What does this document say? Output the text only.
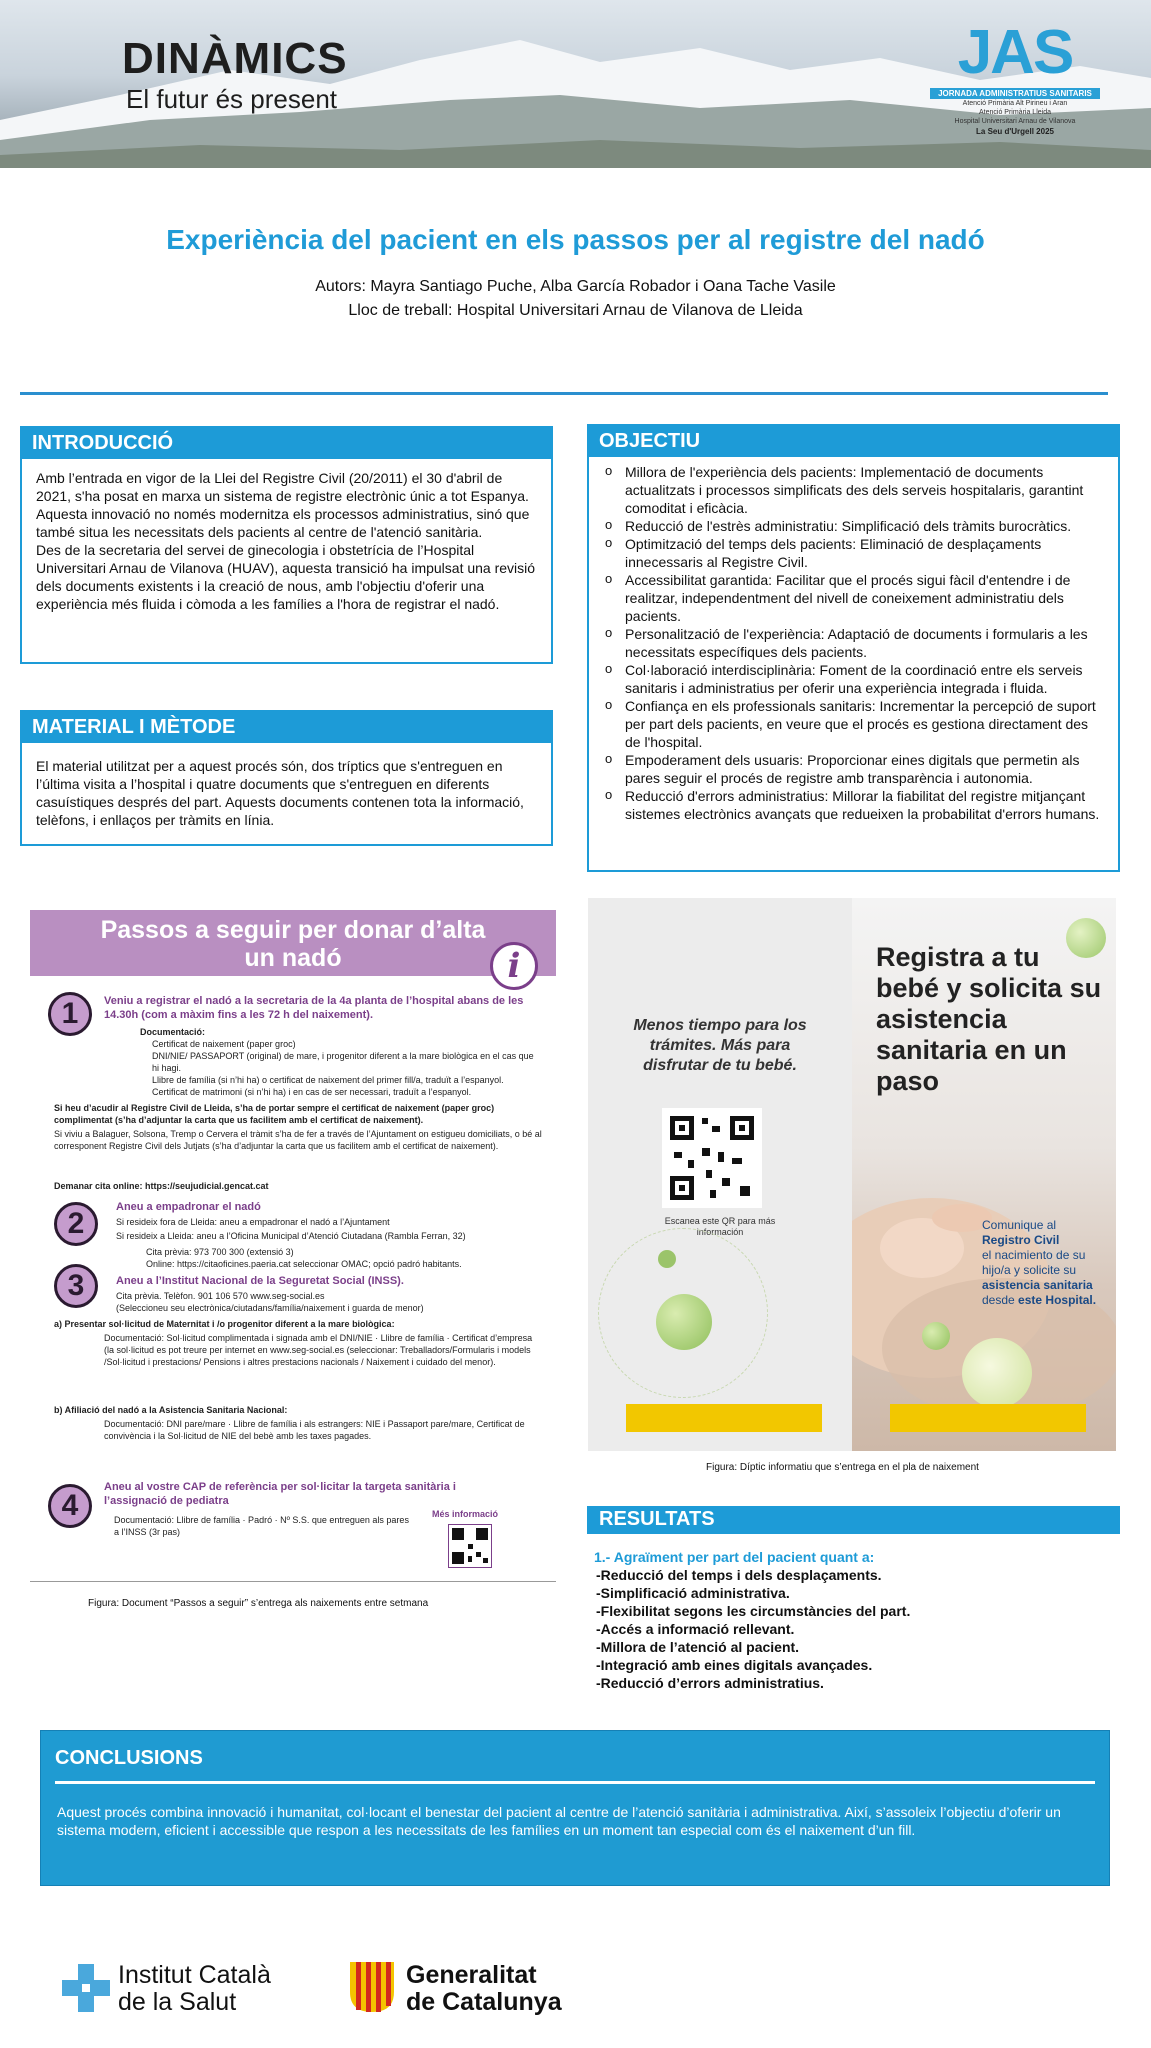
DINÀMICS
El futur és present
JAS
JORNADA ADMINISTRATIUS SANITARIS
Atenció Primària Alt Pirineu i Aran
Atenció Primària Lleida
Hospital Universitari Arnau de Vilanova
La Seu d'Urgell 2025
Experiència del pacient en els passos per al registre del nadó
Autors: Mayra Santiago Puche, Alba García Robador i Oana Tache Vasile
Lloc de treball: Hospital Universitari Arnau de Vilanova de Lleida
INTRODUCCIÓ
Amb l’entrada en vigor de la Llei del Registre Civil (20/2011) el 30 d'abril de 2021, s'ha posat en marxa un sistema de registre electrònic únic a tot Espanya. Aquesta innovació no només modernitza els processos administratius, sinó que també situa les necessitats dels pacients al centre de l'atenció sanitària.
Des de la secretaria del servei de ginecologia i obstetrícia de l’Hospital Universitari Arnau de Vilanova (HUAV), aquesta transició ha impulsat una revisió dels documents existents i la creació de nous, amb l'objectiu d'oferir una experiència més fluida i còmoda a les famílies a l'hora de registrar el nadó.
MATERIAL I MÈTODE
El material utilitzat per a aquest procés són, dos tríptics que s'entreguen en l’última visita a l’hospital i quatre documents que s'entreguen en diferents casuístiques després del part. Aquests documents contenen tota la informació, telèfons, i enllaços per tràmits en línia.
OBJECTIU
o Millora de l'experiència dels pacients: Implementació de documents actualitzats i processos simplificats des dels serveis hospitalaris, garantint comoditat i eficàcia.
o Reducció de l'estrès administratiu: Simplificació dels tràmits burocràtics.
o Optimització del temps dels pacients: Eliminació de desplaçaments innecessaris al Registre Civil.
o Accessibilitat garantida: Facilitar que el procés sigui fàcil d'entendre i de realitzar, independentment del nivell de coneixement administratiu dels pacients.
o Personalització de l'experiència: Adaptació de documents i formularis a les necessitats específiques dels pacients.
o Col·laboració interdisciplinària: Foment de la coordinació entre els serveis sanitaris i administratius per oferir una experiència integrada i fluida.
o Confiança en els professionals sanitaris: Incrementar la percepció de suport per part dels pacients, en veure que el procés es gestiona directament des de l'hospital.
o Empoderament dels usuaris: Proporcionar eines digitals que permetin als pares seguir el procés de registre amb transparència i autonomia.
o Reducció d'errors administratius: Millorar la fiabilitat del registre mitjançant sistemes electrònics avançats que redueixen la probabilitat d'errors humans.
Passos a seguir per donar d’alta un nadó	i
1	Veniu a registrar el nadó a la secretaria de la 4a planta de l’hospital abans de les 14.30h (com a màxim fins a les 72 h del naixement).
Documentació:
Certificat de naixement (paper groc)
DNI/NIE/ PASSAPORT (original) de mare, i progenitor diferent a la mare biològica en el cas que hi hagi.
Llibre de família (si n’hi ha) o certificat de naixement del primer fill/a, traduït a l’espanyol.
Certificat de matrimoni (si n’hi ha) i en cas de ser necessari, traduït a l’espanyol.
Si heu d’acudir al Registre Civil de Lleida, s’ha de portar sempre el certificat de naixement (paper groc) complimentat (s’ha d’adjuntar la carta que us facilitem amb el certificat de naixement).
Si viviu a Balaguer, Solsona, Tremp o Cervera el tràmit s’ha de fer a través de l’Ajuntament on estigueu domiciliats, o bé al corresponent Registre Civil dels Jutjats (s’ha d’adjuntar la carta que us facilitem amb el certificat de naixement).
Demanar cita online: https://seujudicial.gencat.cat
2	Aneu a empadronar el nadó
Si resideix fora de Lleida: aneu a empadronar el nadó a l’Ajuntament
Si resideix a Lleida: aneu a l’Oficina Municipal d’Atenció Ciutadana (Rambla Ferran, 32)
Cita prèvia: 973 700 300 (extensió 3)
Online: https://citaoficines.paeria.cat seleccionar OMAC; opció padró habitants.
3	Aneu a l’Institut Nacional de la Seguretat Social (INSS).
Cita prèvia. Telèfon. 901 106 570 www.seg-social.es
(Seleccioneu seu electrònica/ciutadans/família/naixement i guarda de menor)
a) Presentar sol·licitud de Maternitat i /o progenitor diferent a la mare biològica:
Documentació: Sol·licitud complimentada i signada amb el DNI/NIE · Llibre de família · Certificat d’empresa (la sol·licitud es pot treure per internet en www.seg-social.es (seleccionar: Treballadors/Formularis i models /Sol·licitud i prestacions/ Pensions i altres prestacions nacionals / Naixement i cuidado del menor).
b) Afiliació del nadó a la Asistencia Sanitaria Nacional:
Documentació: DNI pare/mare · Llibre de família i als estrangers: NIE i Passaport pare/mare, Certificat de convivència i la Sol·licitud de NIE del bebè amb les taxes pagades.
4
Aneu al vostre CAP de referència per sol·licitar la targeta sanitària i l’assignació de pediatra
Documentació: Llibre de família · Padró · Nº S.S. que entreguen als pares a l’INSS (3r pas)
Més informació
Figura: Document “Passos a seguir” s’entrega als naixements entre setmana
Menos tiempo para los trámites. Más para disfrutar de tu bebé.
Escanea este QR para más información
Registra a tu bebé y solicita su asistencia sanitaria en un paso
Comunique al
Registro Civil
el nacimiento de su hijo/a y solicite su asistencia sanitaria desde este Hospital.
Figura: Díptic informatiu que s’entrega en el pla de naixement
RESULTATS
1.- Agraïment per part del pacient quant a:
-Reducció del temps i dels desplaçaments.
-Simplificació administrativa.
-Flexibilitat segons les circumstàncies del part.
-Accés a informació rellevant.
-Millora de l’atenció al pacient.
-Integració amb eines digitals avançades.
-Reducció d’errors administratius.
CONCLUSIONS
Aquest procés combina innovació i humanitat, col·locant el benestar del pacient al centre de l’atenció sanitària i administrativa. Així, s’assoleix l’objectiu d’oferir un sistema modern, eficient i accessible que respon a les necessitats de les famílies en un moment tan especial com és el naixement d’un fill.
Institut Català
de la Salut
Generalitat
de Catalunya
